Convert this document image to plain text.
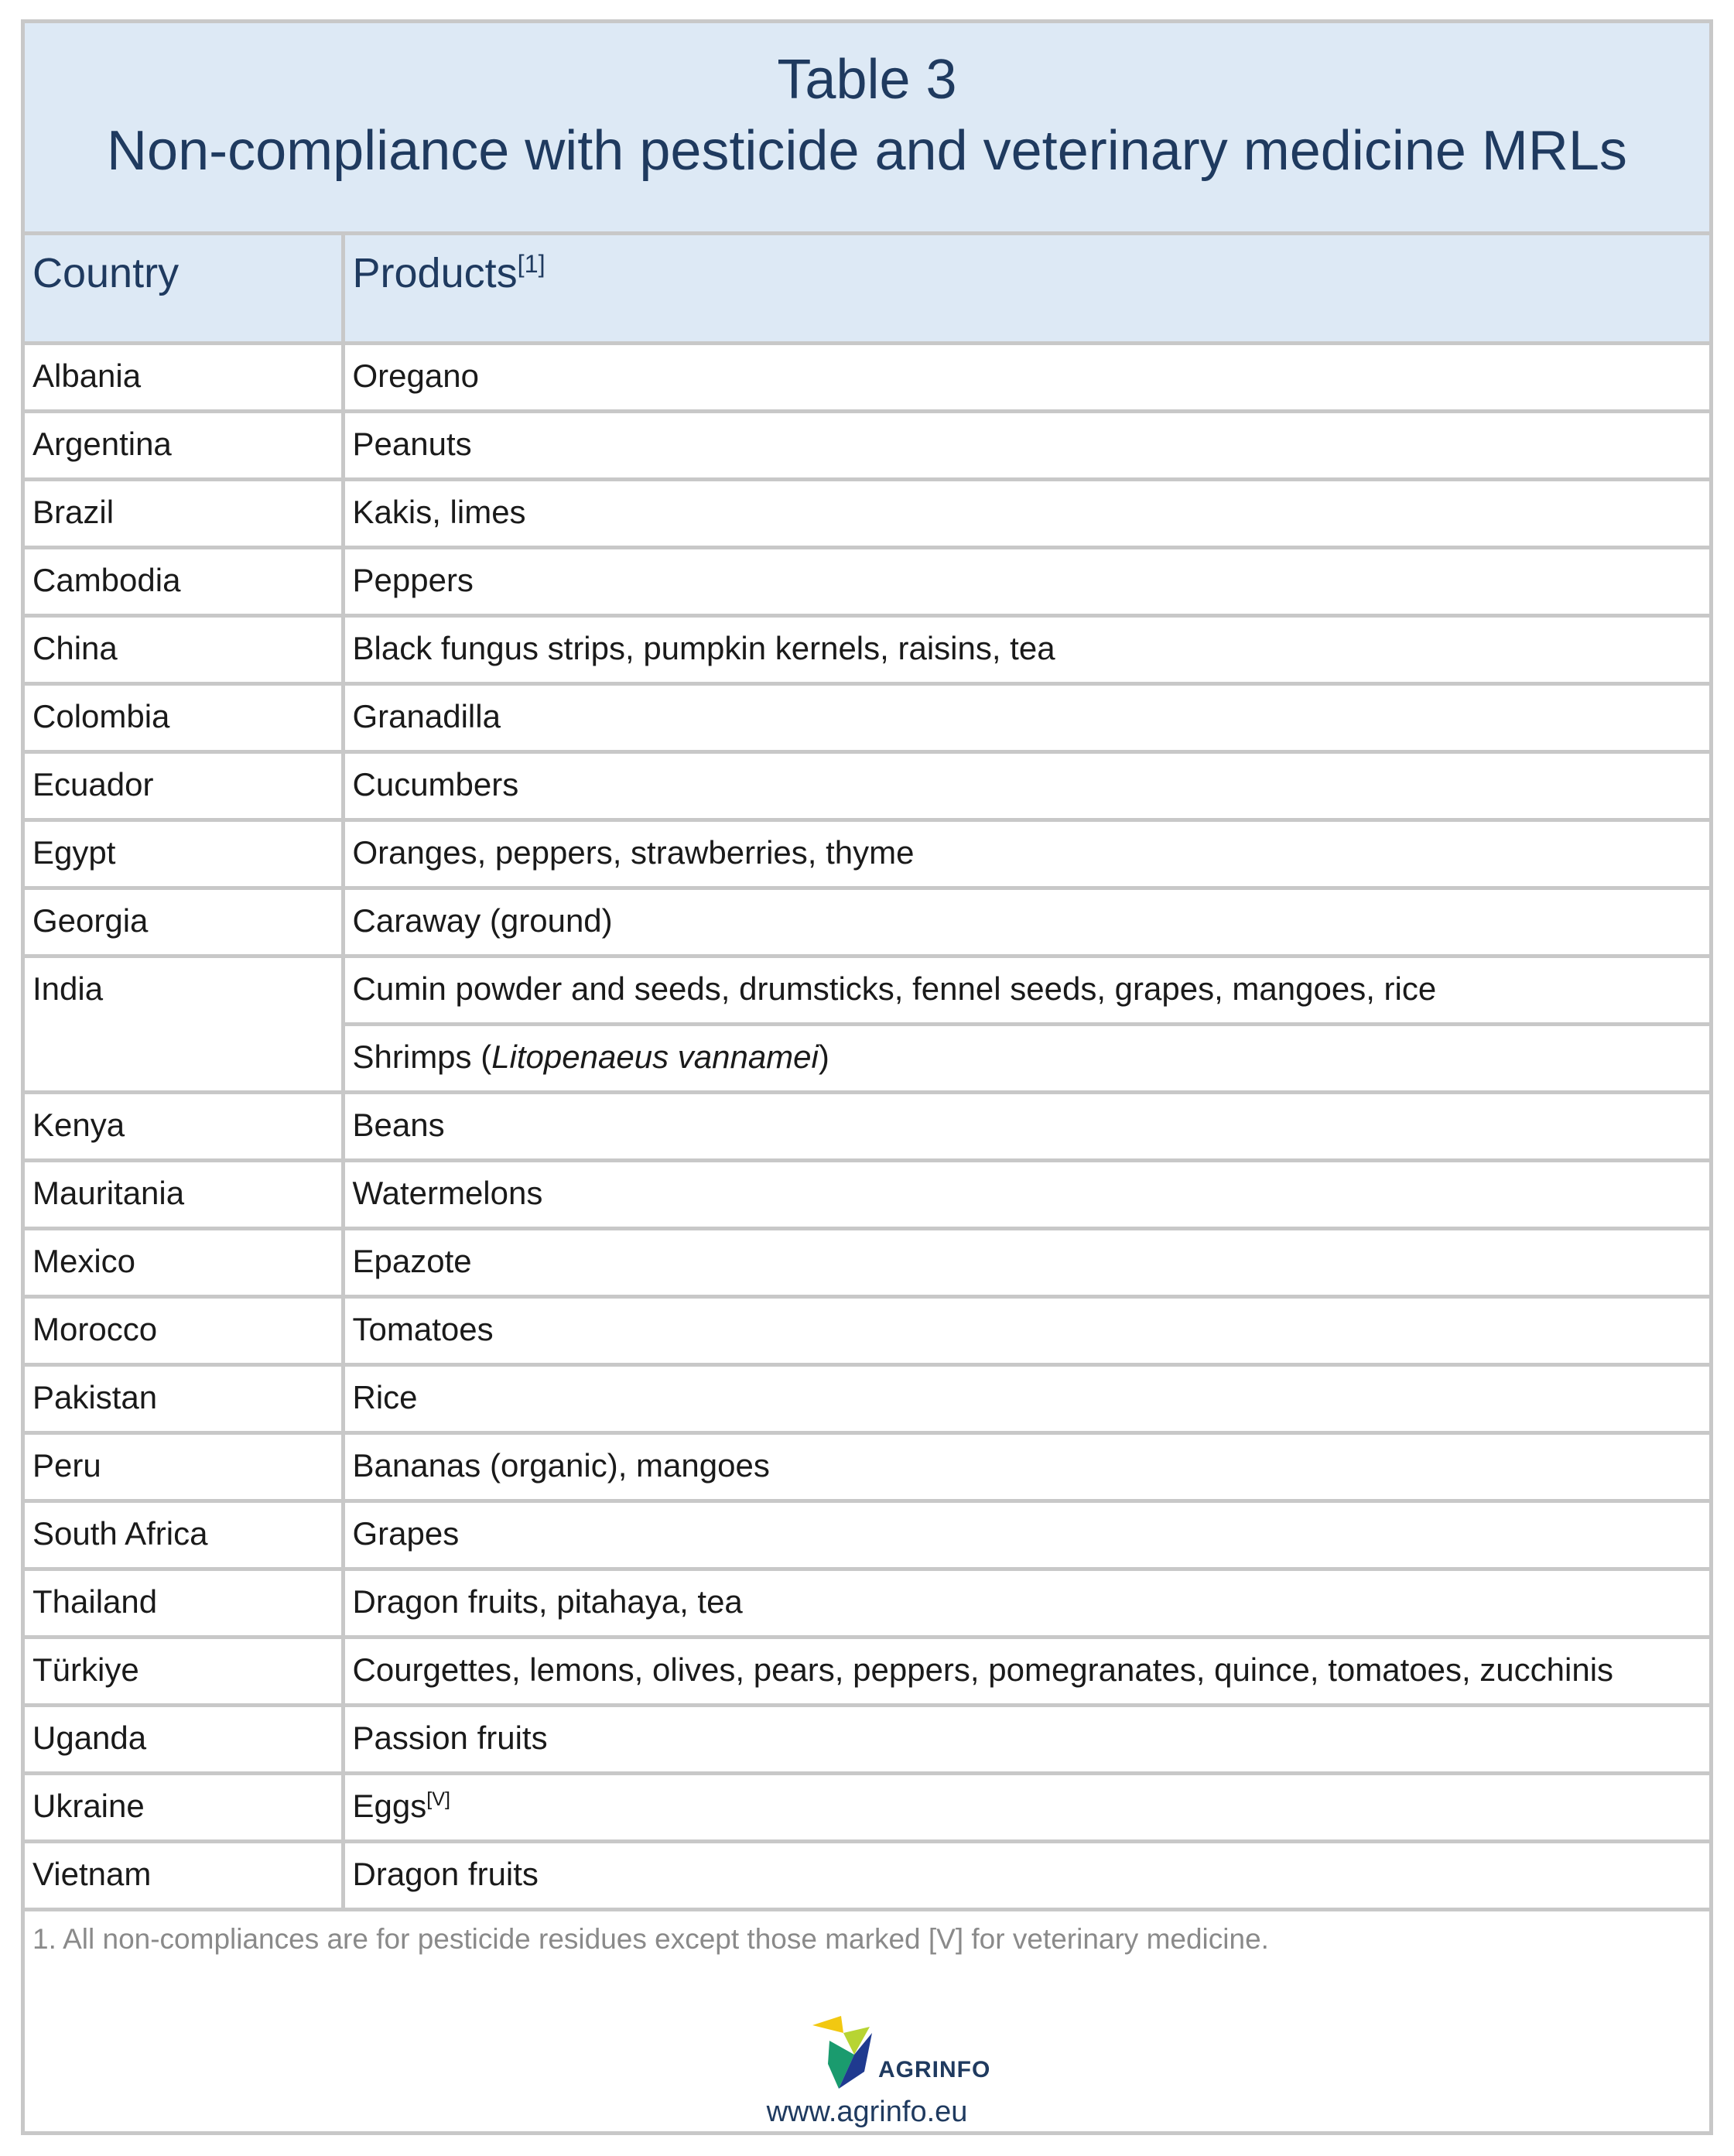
Table 3
Non-compliance with pesticide and veterinary medicine MRLs
Country	Products[1]
Albania	Oregano
Argentina	Peanuts
Brazil	Kakis, limes
Cambodia	Peppers
China	Black fungus strips, pumpkin kernels, raisins, tea
Colombia	Granadilla
Ecuador	Cucumbers
Egypt	Oranges, peppers, strawberries, thyme
Georgia	Caraway (ground)
India	Cumin powder and seeds, drumsticks, fennel seeds, grapes, mangoes, rice
	Shrimps (Litopenaeus vannamei)
Kenya	Beans
Mauritania	Watermelons
Mexico	Epazote
Morocco	Tomatoes
Pakistan	Rice
Peru	Bananas (organic), mangoes
South Africa	Grapes
Thailand	Dragon fruits, pitahaya, tea
Türkiye	Courgettes, lemons, olives, pears, peppers, pomegranates, quince, tomatoes, zucchinis
Uganda	Passion fruits
Ukraine	Eggs[V]
Vietnam	Dragon fruits
1. All non-compliances are for pesticide residues except those marked [V] for veterinary medicine.
AGRINFO
www.agrinfo.eu
